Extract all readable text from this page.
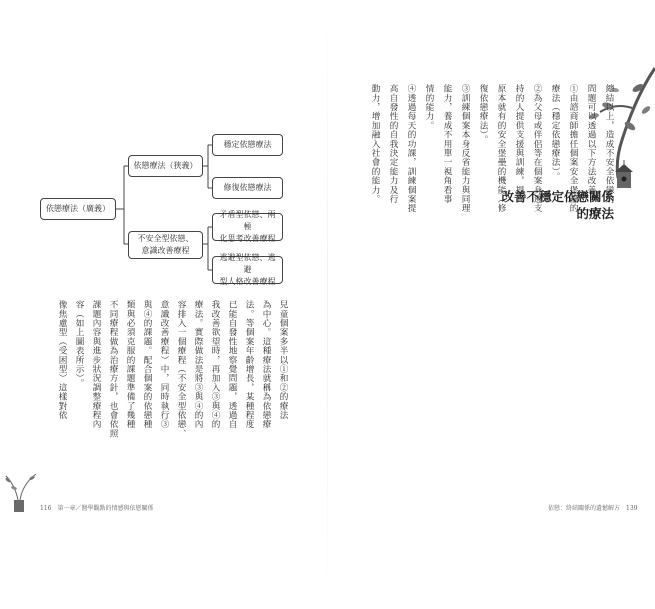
依戀療法（廣義）
依戀療法（狹義）
不安全型依戀、
意識改善療程
穩定依戀療法
修復依戀療法
矛盾型依戀、兩極
化思考改善療程
逃避型依戀、逃避
型人格改善療程
改善不穩定依戀關係
的療法
總結以上，造成不安全依戀的
問題可以透過以下方法改善。
①由諮商師擔任個案安全堡壘的
療法（穩定依戀療法）。
②為父母或伴侶等在個案身邊支
持的人提供支援與訓練，提高
原本就有的安全堡壘的機能（修
復依戀療法）。
③訓練個案本身反省能力與同理
能力，養成不用單一視角看事
情的能力。
④透過每天的功課，訓練個案提
高自發性的自我決定能力及行
動力，增加融入社會的能力。
兒童個案多半以①和②的療法
為中心。這種療法就稱為依戀療
法。等個案年齡增長，某種程度
已能自發性地察覺問題，透過自
我改善欲望時，再加入③與④的
療法。實際做法是將③與④的內
容排入一個療程（不安全型依戀、
意識改善療程）中，同時執行③
與④的課題。配合個案的依戀種
類與必須克服的課題準備了幾種
不同療程做為治療方針，也會依照
課題內容與進步狀況調整療程內
容（如上圖表所示）。
像焦慮型（受困型）這樣對依
116　第一章／醫學觀點的情感與依戀關係	依戀：終結關係的遺憾解方　139
